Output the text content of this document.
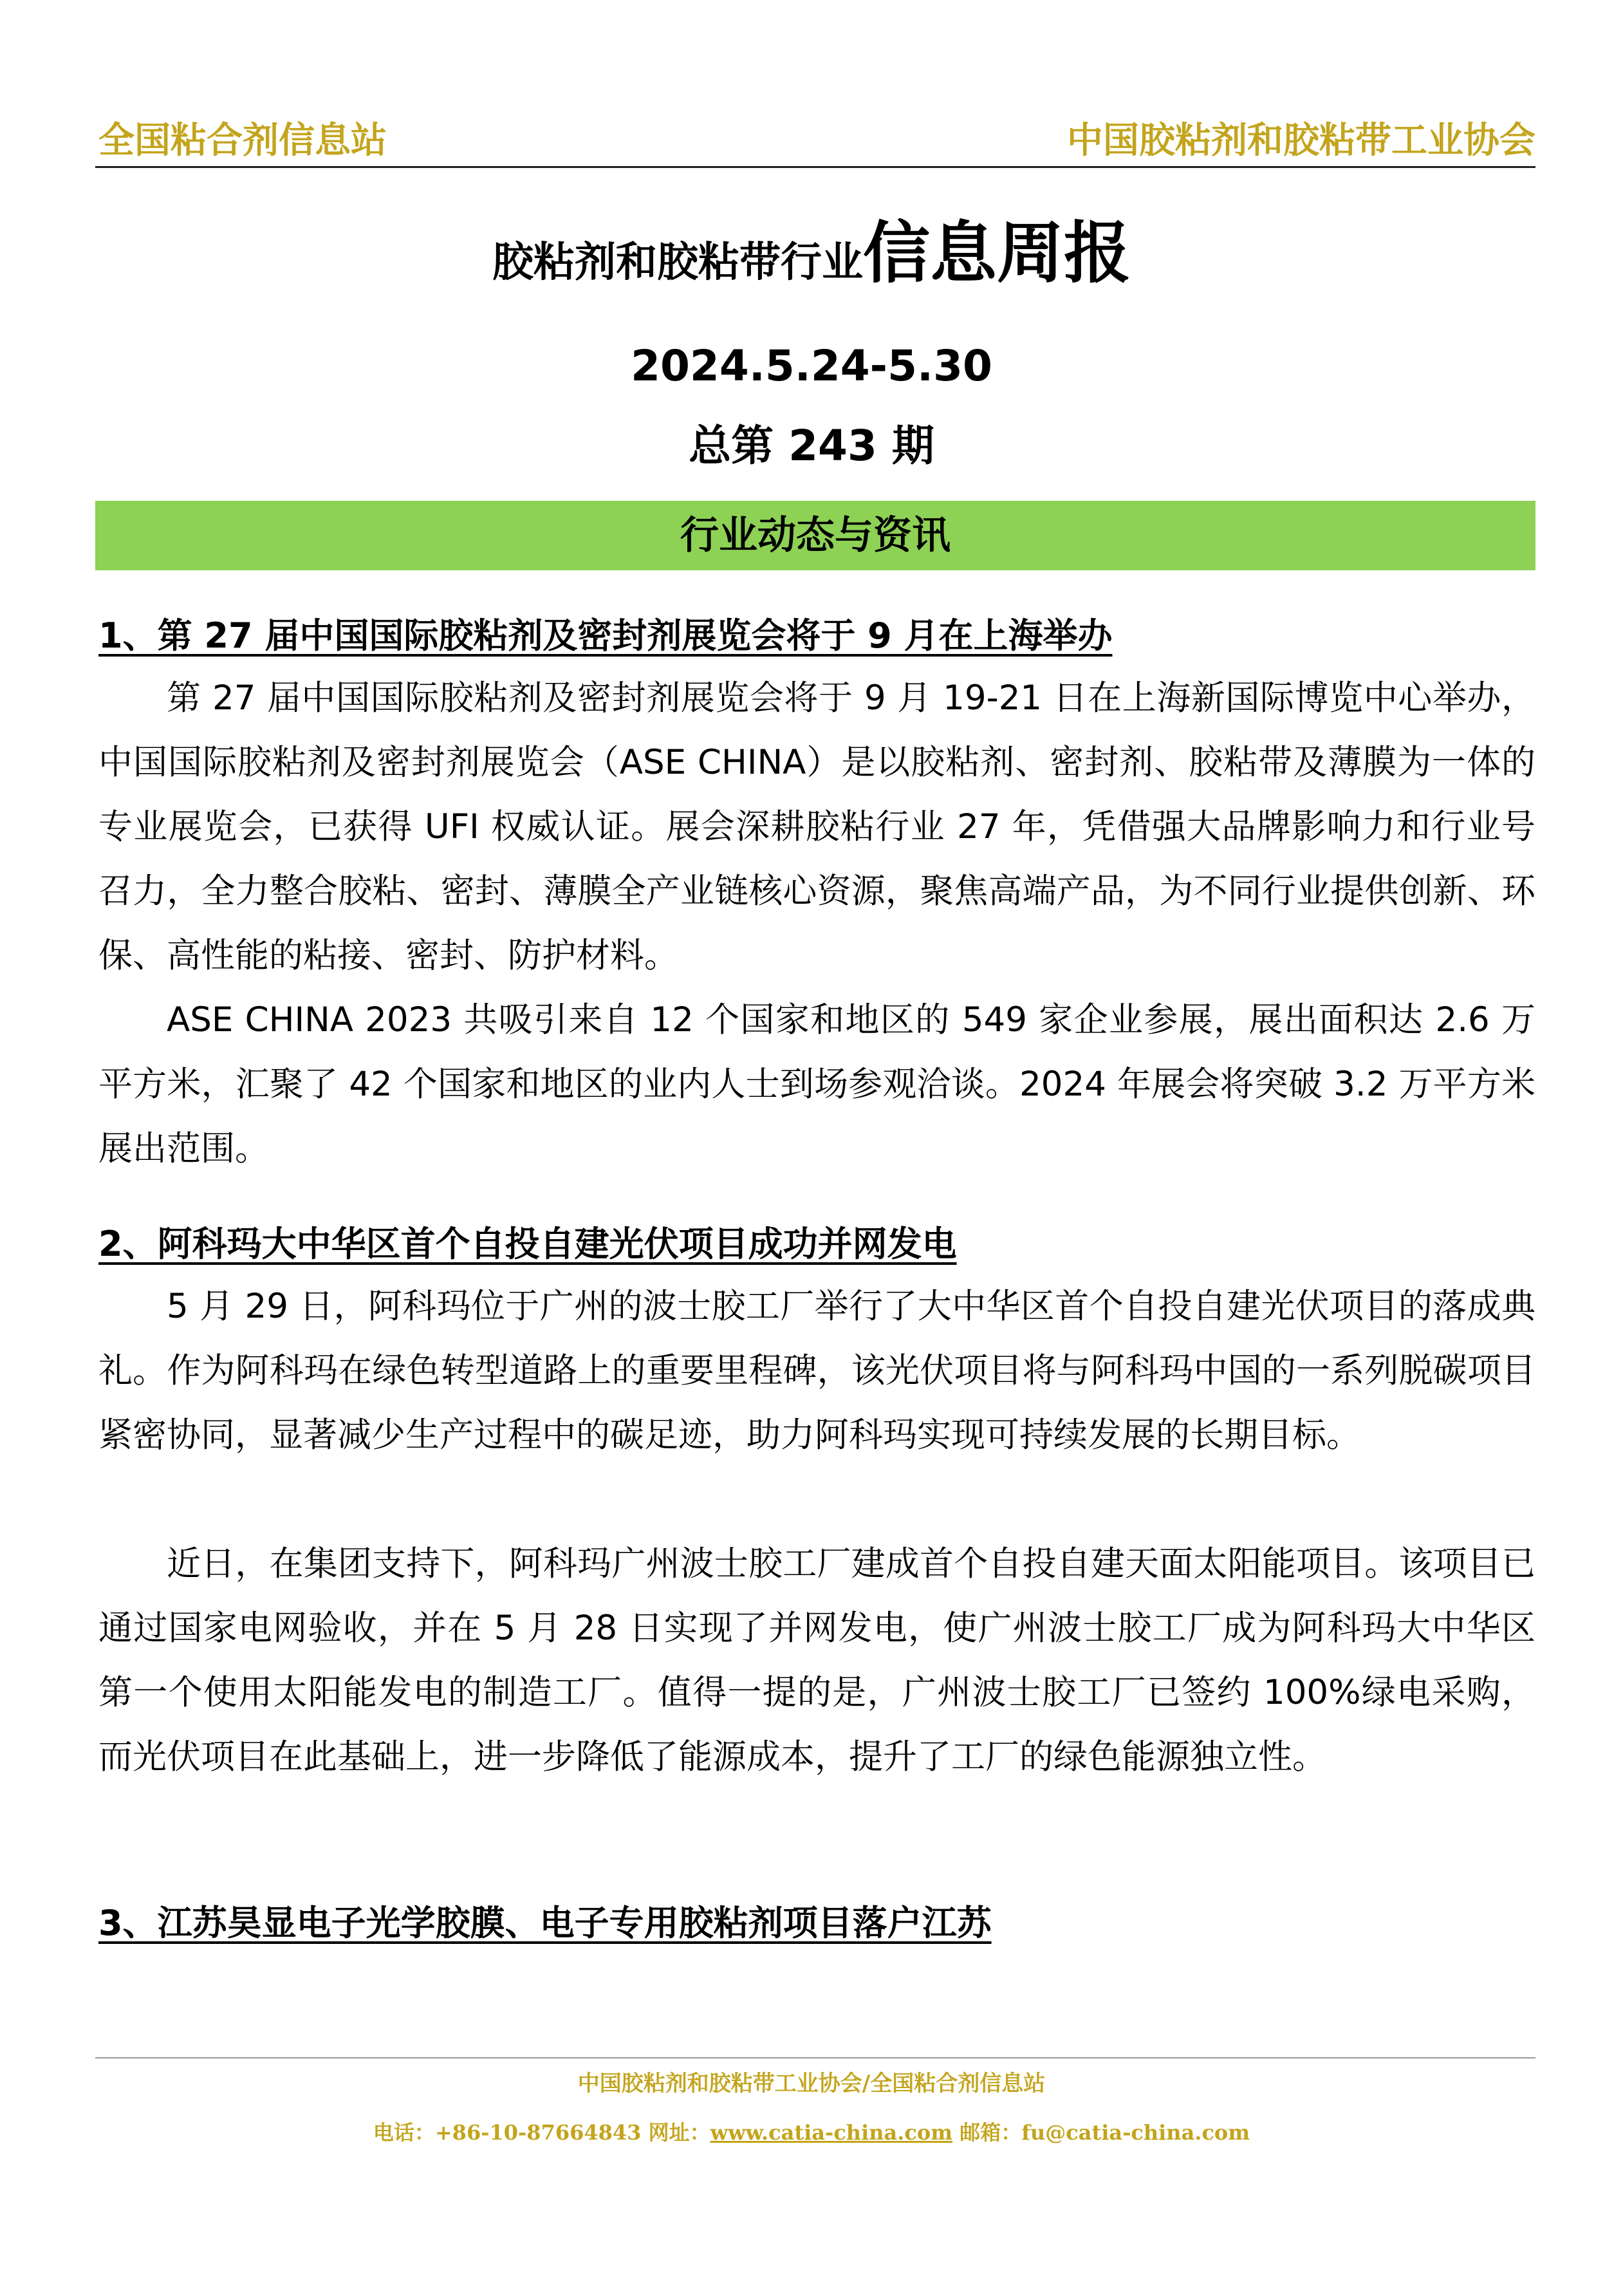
全国粘合剂信息站	中国胶粘剂和胶粘带工业协会
胶粘剂和胶粘带行业信息周报
2024.5.24-5.30
总第 243 期
行业动态与资讯
1、第 27 届中国国际胶粘剂及密封剂展览会将于 9 月在上海举办

第 27 届中国国际胶粘剂及密封剂展览会将于 9 月 19-21 日在上海新国际博览中心举办，中国国际胶粘剂及密封剂展览会（ASE CHINA）是以胶粘剂、密封剂、胶粘带及薄膜为一体的专业展览会，已获得 UFI 权威认证。展会深耕胶粘行业 27 年，凭借强大品牌影响力和行业号召力，全力整合胶粘、密封、薄膜全产业链核心资源，聚焦高端产品，为不同行业提供创新、环保、高性能的粘接、密封、防护材料。

ASE CHINA 2023 共吸引来自 12 个国家和地区的 549 家企业参展，展出面积达 2.6 万平方米，汇聚了 42 个国家和地区的业内人士到场参观洽谈。2024 年展会将突破 3.2 万平方米展出范围。

2、阿科玛大中华区首个自投自建光伏项目成功并网发电

5 月 29 日，阿科玛位于广州的波士胶工厂举行了大中华区首个自投自建光伏项目的落成典礼。作为阿科玛在绿色转型道路上的重要里程碑，该光伏项目将与阿科玛中国的一系列脱碳项目紧密协同，显著减少生产过程中的碳足迹，助力阿科玛实现可持续发展的长期目标。

近日，在集团支持下，阿科玛广州波士胶工厂建成首个自投自建天面太阳能项目。该项目已通过国家电网验收，并在 5 月 28 日实现了并网发电，使广州波士胶工厂成为阿科玛大中华区第一个使用太阳能发电的制造工厂。值得一提的是，广州波士胶工厂已签约 100%绿电采购，而光伏项目在此基础上，进一步降低了能源成本，提升了工厂的绿色能源独立性。

3、江苏昊显电子光学胶膜、电子专用胶粘剂项目落户江苏
中国胶粘剂和胶粘带工业协会/全国粘合剂信息站
电话：+86-10-87664843 网址：www.catia-china.com 邮箱：fu@catia-china.com
